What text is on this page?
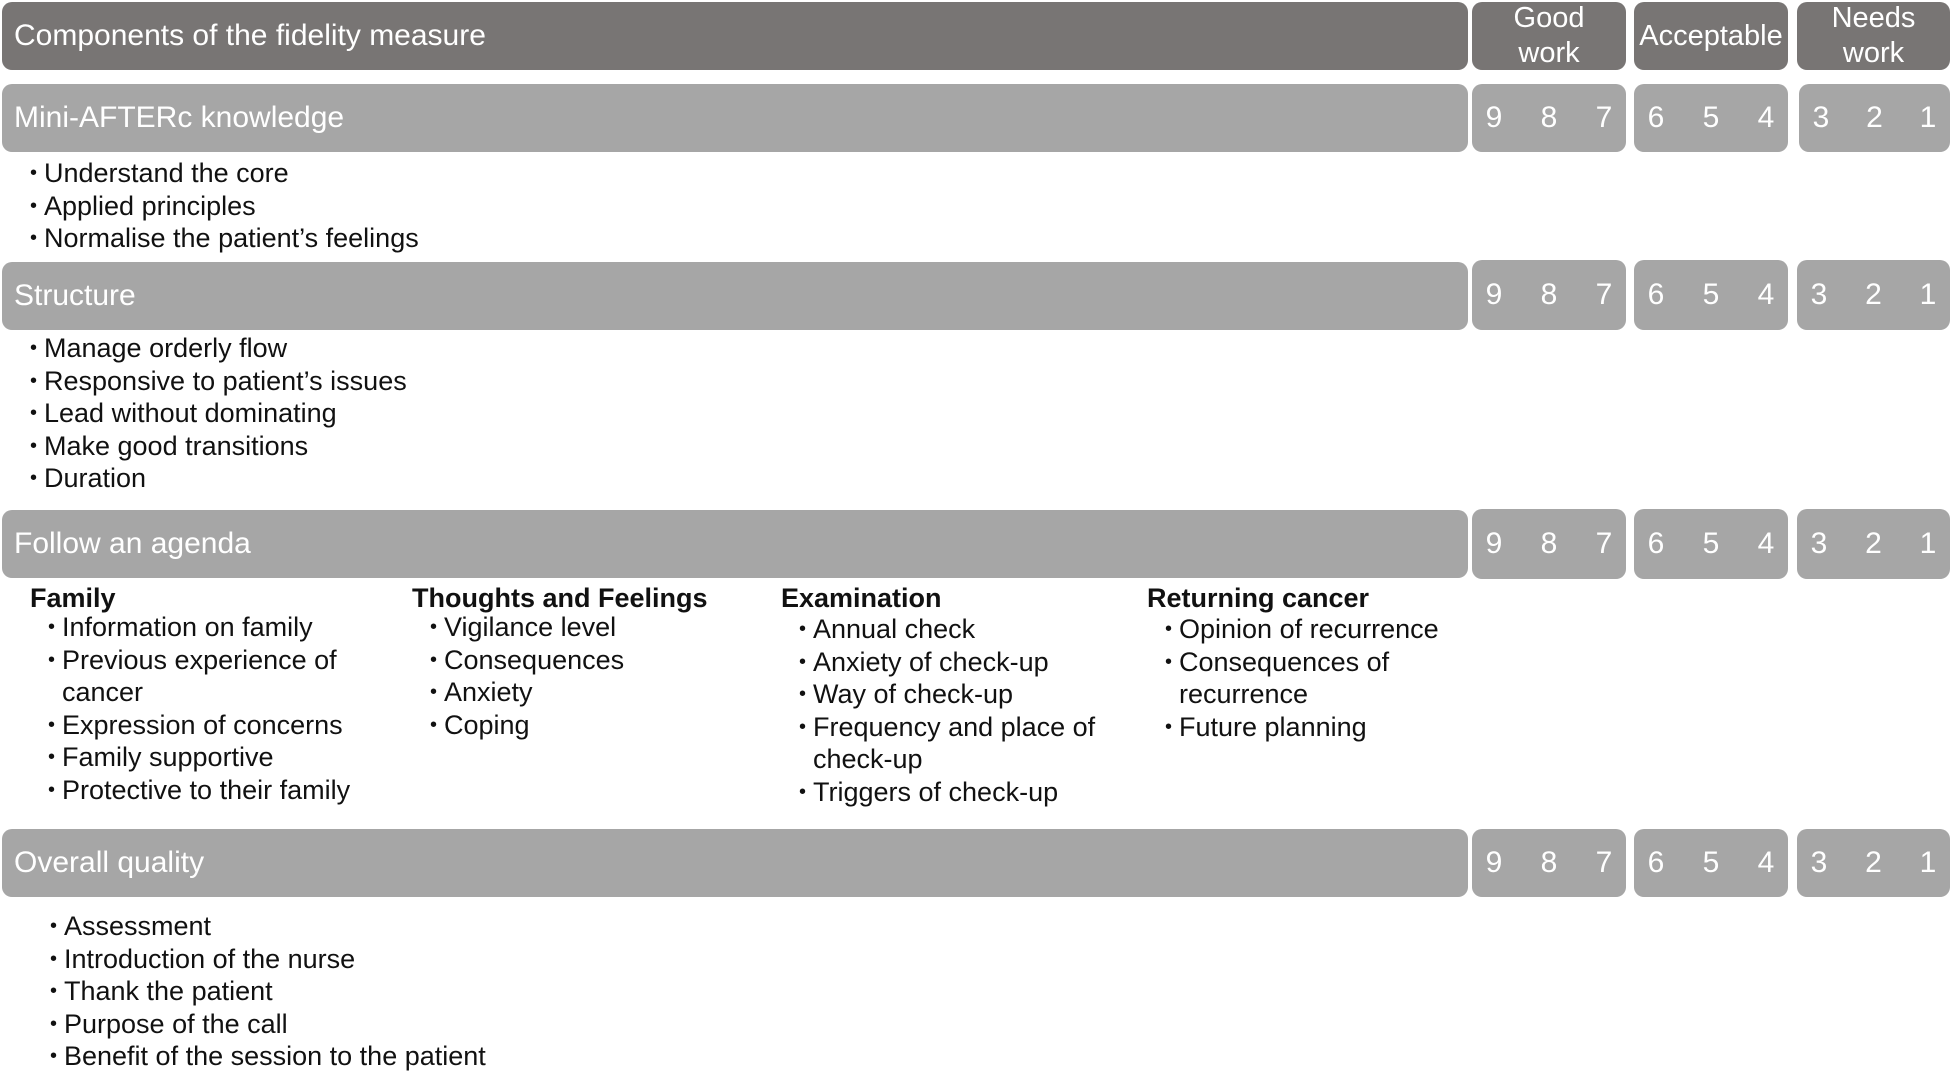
Components of the fidelity measure
Good work
Acceptable
Needs work
Mini-AFTERc knowledge	9	8	7	6	5	4	3	2	1
• Understand the core
• Applied principles
• Normalise the patient’s feelings
Structure	9	8	7	6	5	4	3	2	1
• Manage orderly flow
• Responsive to patient’s issues
• Lead without dominating
• Make good transitions
• Duration
Follow an agenda	9	8	7	6	5	4	3	2	1
Family
• Information on family
• Previous experience of cancer
• Expression of concerns
• Family supportive
• Protective to their family
Thoughts and Feelings
• Vigilance level
• Consequences
• Anxiety
• Coping
Examination
• Annual check
• Anxiety of check-up
• Way of check-up
• Frequency and place of check-up
• Triggers of check-up
Returning cancer
• Opinion of recurrence
• Consequences of recurrence
• Future planning
Overall quality	9	8	7	6	5	4	3	2	1
• Assessment
• Introduction of the nurse
• Thank the patient
• Purpose of the call
• Benefit of the session to the patient
